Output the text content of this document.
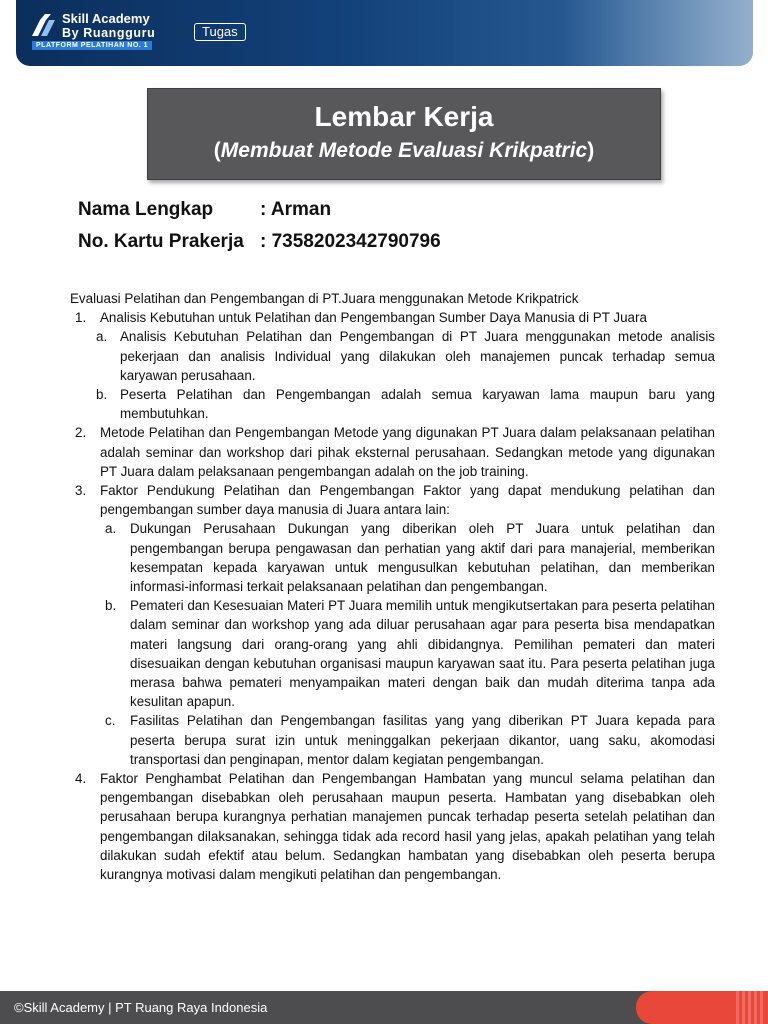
Skill Academy
By Ruangguru
PLATFORM PELATIHAN NO. 1
Tugas
Lembar Kerja
(Membuat Metode Evaluasi Krikpatric)
Nama Lengkap : Arman
No. Kartu Prakerja : 7358202342790796

Evaluasi Pelatihan dan Pengembangan di PT.Juara menggunakan Metode Krikpatrick

1. Analisis Kebutuhan untuk Pelatihan dan Pengembangan Sumber Daya Manusia di PT Juara
a. Analisis Kebutuhan Pelatihan dan Pengembangan di PT Juara menggunakan metode analisis pekerjaan dan analisis Individual yang dilakukan oleh manajemen puncak terhadap semua karyawan perusahaan.
b. Peserta Pelatihan dan Pengembangan adalah semua karyawan lama maupun baru yang membutuhkan.
2. Metode Pelatihan dan Pengembangan Metode yang digunakan PT Juara dalam pelaksanaan pelatihan adalah seminar dan workshop dari pihak eksternal perusahaan. Sedangkan metode yang digunakan PT Juara dalam pelaksanaan pengembangan adalah on the job training.
3. Faktor Pendukung Pelatihan dan Pengembangan Faktor yang dapat mendukung pelatihan dan pengembangan sumber daya manusia di Juara antara lain:
a. Dukungan Perusahaan Dukungan yang diberikan oleh PT Juara untuk pelatihan dan pengembangan berupa pengawasan dan perhatian yang aktif dari para manajerial, memberikan kesempatan kepada karyawan untuk mengusulkan kebutuhan pelatihan, dan memberikan informasi-informasi terkait pelaksanaan pelatihan dan pengembangan.
b. Pemateri dan Kesesuaian Materi PT Juara memilih untuk mengikutsertakan para peserta pelatihan dalam seminar dan workshop yang ada diluar perusahaan agar para peserta bisa mendapatkan materi langsung dari orang-orang yang ahli dibidangnya. Pemilihan pemateri dan materi disesuaikan dengan kebutuhan organisasi maupun karyawan saat itu. Para peserta pelatihan juga merasa bahwa pemateri menyampaikan materi dengan baik dan mudah diterima tanpa ada kesulitan apapun.
c. Fasilitas Pelatihan dan Pengembangan fasilitas yang yang diberikan PT Juara kepada para peserta berupa surat izin untuk meninggalkan pekerjaan dikantor, uang saku, akomodasi transportasi dan penginapan, mentor dalam kegiatan pengembangan.
4. Faktor Penghambat Pelatihan dan Pengembangan Hambatan yang muncul selama pelatihan dan pengembangan disebabkan oleh perusahaan maupun peserta. Hambatan yang disebabkan oleh perusahaan berupa kurangnya perhatian manajemen puncak terhadap peserta setelah pelatihan dan pengembangan dilaksanakan, sehingga tidak ada record hasil yang jelas, apakah pelatihan yang telah dilakukan sudah efektif atau belum. Sedangkan hambatan yang disebabkan oleh peserta berupa kurangnya motivasi dalam mengikuti pelatihan dan pengembangan.
©Skill Academy | PT Ruang Raya Indonesia
